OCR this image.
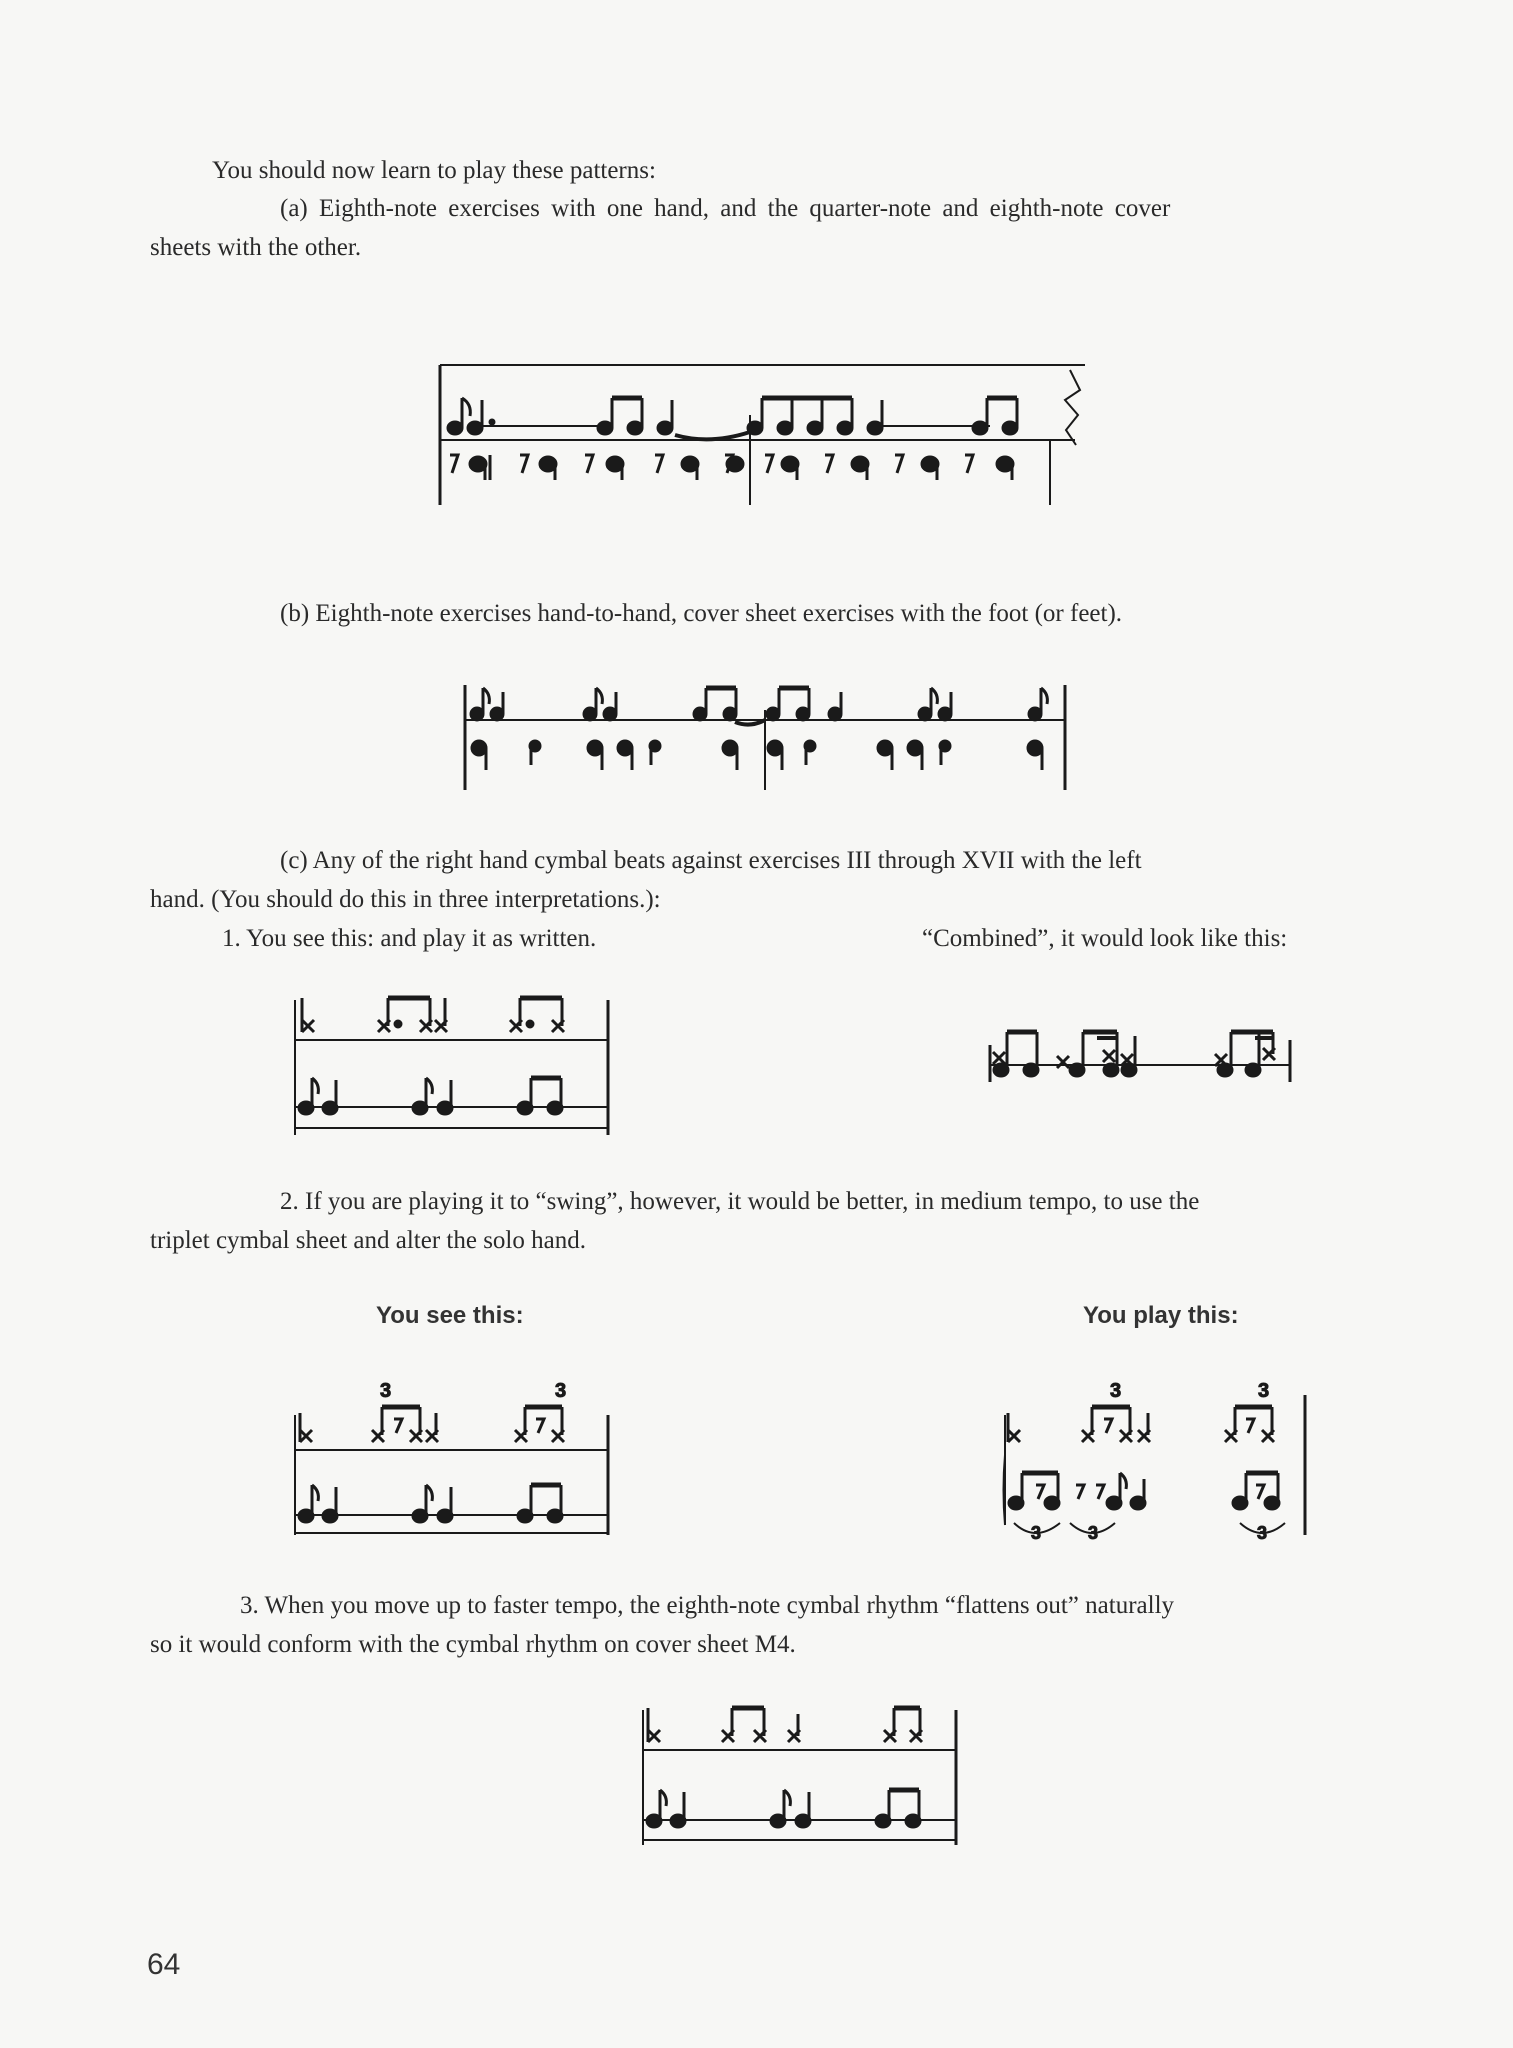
You should now learn to play these patterns:
(a) Eighth-note exercises with one hand, and the quarter-note and eighth-note cover
sheets with the other.
(b) Eighth-note exercises hand-to-hand, cover sheet exercises with the foot (or feet).
(c) Any of the right hand cymbal beats against exercises III through XVII with the left
hand. (You should do this in three interpretations.):
1. You see this: and play it as written.	“Combined”, it would look like this:
2. If you are playing it to “swing”, however, it would be better, in medium tempo, to use the
triplet cymbal sheet and alter the solo hand.
You see this:	You play this:
3	3	3	3
3	3	3
3. When you move up to faster tempo, the eighth-note cymbal rhythm “flattens out” naturally
so it would conform with the cymbal rhythm on cover sheet M4.
64
